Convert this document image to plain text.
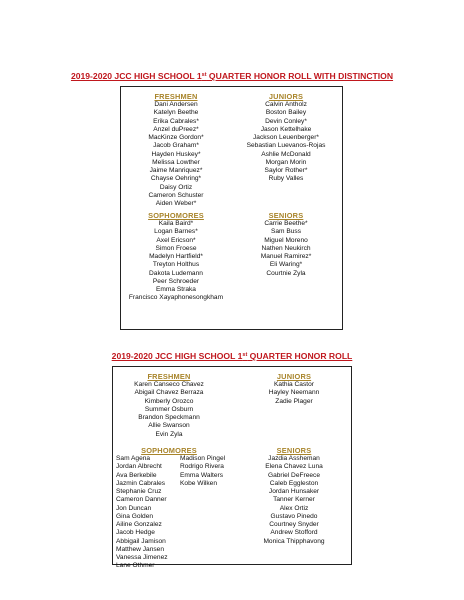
2019-2020 JCC HIGH SCHOOL 1st QUARTER HONOR ROLL WITH DISTINCTION
FRESHMEN
Dani Andersen
Katelyn Beethe
Erika Cabrales*
Anzel duPreez*
MacKinze Gordon*
Jacob Graham*
Hayden Huskey*
Melissa Lowther
Jaime Manriquez*
Chayse Oehring*
Daisy Ortiz
Cameron Schuster
Aiden Weber*
JUNIORS
Calvin Antholz
Boston Bailey
Devin Conley*
Jason Kettelhake
Jackson Leuenberger*
Sebastian Luevanos-Rojas
Ashlie McDonald
Morgan Morin
Saylor Rother*
Ruby Valles
SOPHOMORES
Kaila Baird*
Logan Barnes*
Axel Ericson*
Simon Froese
Madelyn Hartfield*
Treyton Holthus
Dakota Ludemann
Peer Schroeder
Emma Straka
Francisco Xayaphonesongkham
SENIORS
Carrie Beethe*
Sam Buss
Miguel Moreno
Nathen Neukirch
Manuel Ramirez*
Eli Waring*
Courtnie Zyla
2019-2020 JCC HIGH SCHOOL 1st QUARTER HONOR ROLL
FRESHMEN
Karen Canseco Chavez
Abigail Chavez Berraza
Kimberly Orozco
Summer Osburn
Brandon Speckmann
Allie Swanson
Evin Zyla
JUNIORS
Kathia Castor
Hayley Neemann
Zadie Plager
SOPHOMORES
Sam Agena
Jordan Albrecht
Ava Berkebile
Jazmin Cabrales
Stephanie Cruz
Cameron Danner
Jon Duncan
Gina Golden
Ailine Gonzalez
Jacob Hedge
Abbigail Jamison
Matthew Jansen
Vanessa Jimenez
Lane Othmer
Madison Pingel
Rodrigo Rivera
Emma Walters
Kobe Wilken
SENIORS
Jazdia Assheman
Elena Chavez Luna
Gabriel DeFreece
Caleb Eggleston
Jordan Hunsaker
Tanner Kerner
Alex Ortiz
Gustavo Pinedo
Courtney Snyder
Andrew Stofford
Monica Thipphavong
